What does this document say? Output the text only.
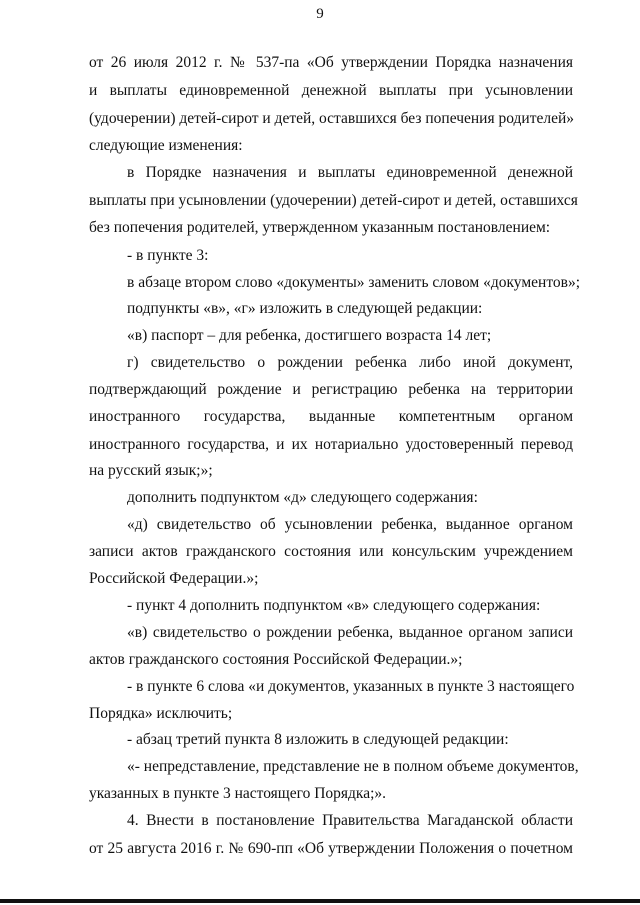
9
от 26 июля 2012 г. № 537-па «Об утверждении Порядка назначения
и выплаты единовременной денежной выплаты при усыновлении
(удочерении) детей-сирот и детей, оставшихся без попечения родителей»
следующие изменения:
в Порядке назначения и выплаты единовременной денежной
выплаты при усыновлении (удочерении) детей-сирот и детей, оставшихся
без попечения родителей, утвержденном указанным постановлением:
- в пункте 3:
в абзаце втором слово «документы» заменить словом «документов»;
подпункты «в», «г» изложить в следующей редакции:
«в) паспорт – для ребенка, достигшего возраста 14 лет;
г) свидетельство о рождении ребенка либо иной документ,
подтверждающий рождение и регистрацию ребенка на территории
иностранного государства, выданные компетентным органом
иностранного государства, и их нотариально удостоверенный перевод
на русский язык;»;
дополнить подпунктом «д» следующего содержания:
«д) свидетельство об усыновлении ребенка, выданное органом
записи актов гражданского состояния или консульским учреждением
Российской Федерации.»;
- пункт 4 дополнить подпунктом «в» следующего содержания:
«в) свидетельство о рождении ребенка, выданное органом записи
актов гражданского состояния Российской Федерации.»;
- в пункте 6 слова «и документов, указанных в пункте 3 настоящего
Порядка» исключить;
- абзац третий пункта 8 изложить в следующей редакции:
«- непредставление, представление не в полном объеме документов,
указанных в пункте 3 настоящего Порядка;».
4. Внести в постановление Правительства Магаданской области
от 25 августа 2016 г. № 690-пп «Об утверждении Положения о почетном
